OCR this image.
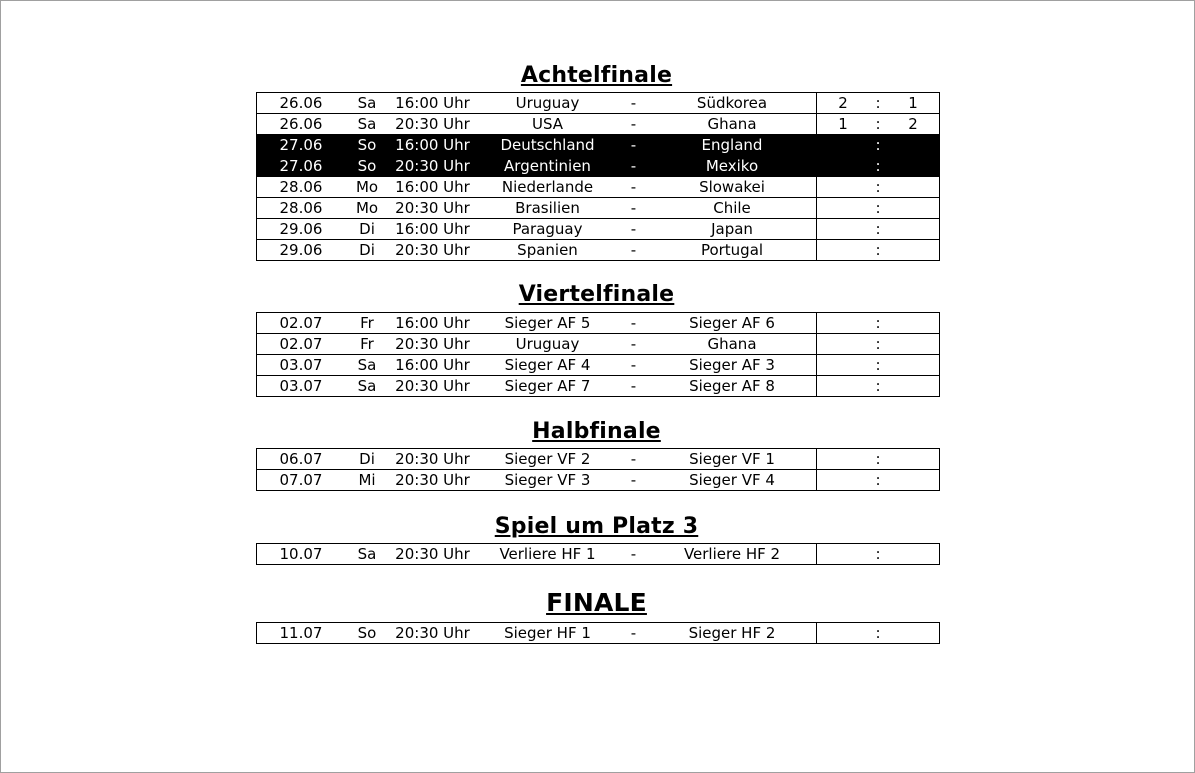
Achtelfinale
26.06	Sa	16:00 Uhr	Uruguay	-	Südkorea	2	:	1
26.06	Sa	20:30 Uhr	USA	-	Ghana	1	:	2
27.06	So	16:00 Uhr	Deutschland	-	England		:	
27.06	So	20:30 Uhr	Argentinien	-	Mexiko		:	
28.06	Mo	16:00 Uhr	Niederlande	-	Slowakei		:	
28.06	Mo	20:30 Uhr	Brasilien	-	Chile		:	
29.06	Di	16:00 Uhr	Paraguay	-	Japan		:	
29.06	Di	20:30 Uhr	Spanien	-	Portugal		:	
Viertelfinale
02.07	Fr	16:00 Uhr	Sieger AF 5	-	Sieger AF 6		:	
02.07	Fr	20:30 Uhr	Uruguay	-	Ghana		:	
03.07	Sa	16:00 Uhr	Sieger AF 4	-	Sieger AF 3		:	
03.07	Sa	20:30 Uhr	Sieger AF 7	-	Sieger AF 8		:	
Halbfinale
06.07	Di	20:30 Uhr	Sieger VF 2	-	Sieger VF 1		:	
07.07	Mi	20:30 Uhr	Sieger VF 3	-	Sieger VF 4		:	
Spiel um Platz 3
10.07	Sa	20:30 Uhr	Verliere HF 1	-	Verliere HF 2		:	
FINALE
11.07	So	20:30 Uhr	Sieger HF 1	-	Sieger HF 2		:	
